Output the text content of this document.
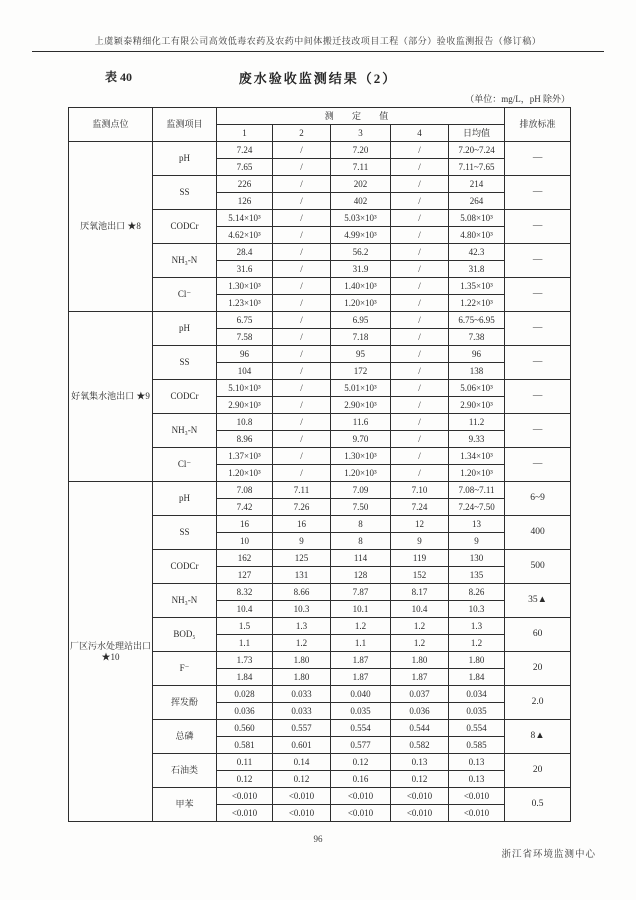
上虞颖泰精细化工有限公司高效低毒农药及农药中间体搬迁技改项目工程（部分）验收监测报告（修订稿）
表 40	废水验收监测结果（2）
（单位：mg/L，pH 除外）
监测点位	监测项目	测 定 值					排放标准
		1	2	3	4	日均值	
厌氧池出口 ★8	pH	7.24	/	7.20	/	7.20~7.24	—
		7.65	/	7.11	/	7.11~7.65	
	SS	226	/	202	/	214	—
		126	/	402	/	264	
	CODCr	5.14×10³	/	5.03×10³	/	5.08×10³	—
		4.62×10³	/	4.99×10³	/	4.80×10³	
	NH₃-N	28.4	/	56.2	/	42.3	—
		31.6	/	31.9	/	31.8	
	Cl⁻	1.30×10³	/	1.40×10³	/	1.35×10³	—
		1.23×10³	/	1.20×10³	/	1.22×10³	
好氧集水池出口 ★9	pH	6.75	/	6.95	/	6.75~6.95	—
		7.58	/	7.18	/	7.38	
	SS	96	/	95	/	96	—
		104	/	172	/	138	
	CODCr	5.10×10³	/	5.01×10³	/	5.06×10³	—
		2.90×10³	/	2.90×10³	/	2.90×10³	
	NH₃-N	10.8	/	11.6	/	11.2	—
		8.96	/	9.70	/	9.33	
	Cl⁻	1.37×10³	/	1.30×10³	/	1.34×10³	—
		1.20×10³	/	1.20×10³	/	1.20×10³	
厂区污水处理站出口 ★10	pH	7.08	7.11	7.09	7.10	7.08~7.11	6~9
		7.42	7.26	7.50	7.24	7.24~7.50	
	SS	16	16	8	12	13	400
		10	9	8	9	9	
	CODCr	162	125	114	119	130	500
		127	131	128	152	135	
	NH₃-N	8.32	8.66	7.87	8.17	8.26	35▲
		10.4	10.3	10.1	10.4	10.3	
	BOD₅	1.5	1.3	1.2	1.2	1.3	60
		1.1	1.2	1.1	1.2	1.2	
	F⁻	1.73	1.80	1.87	1.80	1.80	20
		1.84	1.80	1.87	1.87	1.84	
	挥发酚	0.028	0.033	0.040	0.037	0.034	2.0
		0.036	0.033	0.035	0.036	0.035	
	总磷	0.560	0.557	0.554	0.544	0.554	8▲
		0.581	0.601	0.577	0.582	0.585	
	石油类	0.11	0.14	0.12	0.13	0.13	20
		0.12	0.12	0.16	0.12	0.13	
	甲苯	<0.010	<0.010	<0.010	<0.010	<0.010	0.5
		<0.010	<0.010	<0.010	<0.010	<0.010	
96
浙江省环境监测中心
